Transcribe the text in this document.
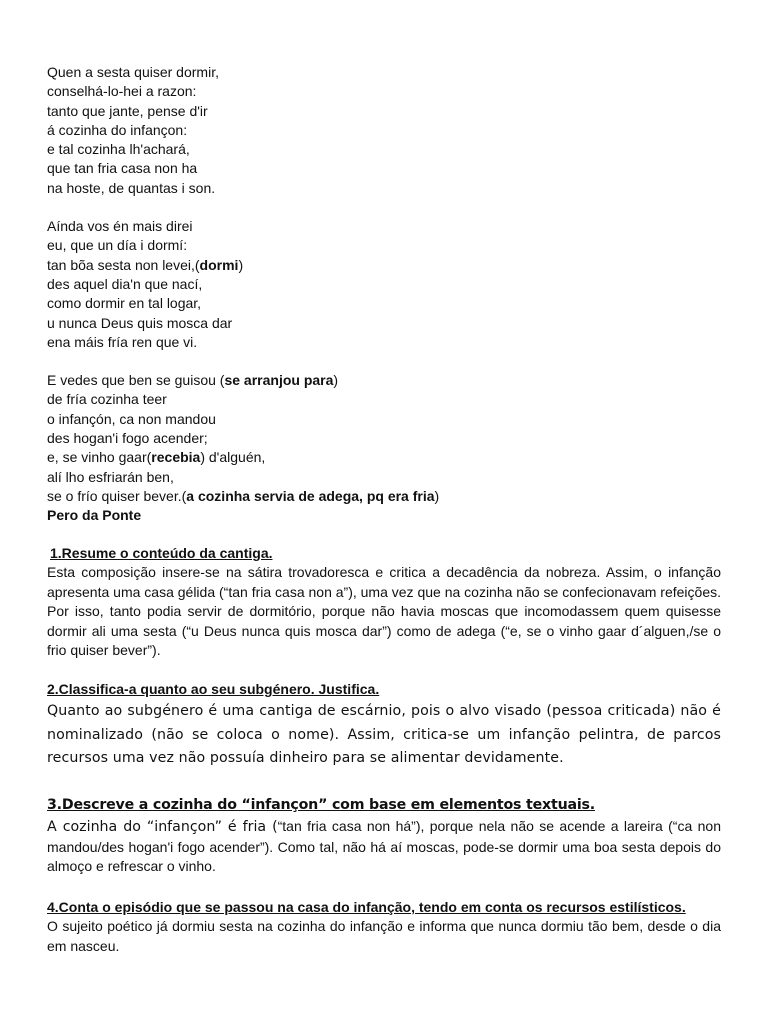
Quen a sesta quiser dormir,
conselhá-lo-hei a razon:
tanto que jante, pense d'ir
á cozinha do infançon:
e tal cozinha lh'achará,
que tan fria casa non ha
na hoste, de quantas i son.
Aínda vos én mais direi
eu, que un día i dormí:
tan bõa sesta non levei,(dormi)
des aquel dia'n que nací,
como dormir en tal logar,
u nunca Deus quis mosca dar
ena máis fría ren que vi.
E vedes que ben se guisou (se arranjou para)
de fría cozinha teer
o infançón, ca non mandou
des hogan'i fogo acender;
e, se vinho gaar(recebia) d'alguén,
alí lho esfriarán ben,
se o frío quiser bever.(a cozinha servia de adega, pq era fria)
Pero da Ponte
1.Resume o conteúdo da cantiga.
Esta composição insere-se na sátira trovadoresca e critica a decadência da nobreza. Assim, o infanção apresenta uma casa gélida (“tan fria casa non a”), uma vez que na cozinha não se confecionavam refeições. Por isso, tanto podia servir de dormitório, porque não havia moscas que incomodassem quem quisesse dormir ali uma sesta (“u Deus nunca quis mosca dar”) como de adega (“e, se o vinho gaar d´alguen,/se o frio quiser bever”).
2.Classifica-a quanto ao seu subgénero. Justifica.
Quanto ao subgénero é uma cantiga de escárnio, pois o alvo visado (pessoa criticada) não é nominalizado (não se coloca o nome). Assim, critica-se um infanção pelintra, de parcos recursos uma vez não possuía dinheiro para se alimentar devidamente.
3.Descreve a cozinha do “infançon” com base em elementos textuais.
A cozinha do “infançon” é fria (“tan fria casa non há”), porque nela não se acende a lareira (“ca non mandou/des hogan'i fogo acender”). Como tal, não há aí moscas, pode-se dormir uma boa sesta depois do almoço e refrescar o vinho.
4.Conta o episódio que se passou na casa do infanção, tendo em conta os recursos estilísticos.
O sujeito poético já dormiu sesta na cozinha do infanção e informa que nunca dormiu tão bem, desde o dia em nasceu.
